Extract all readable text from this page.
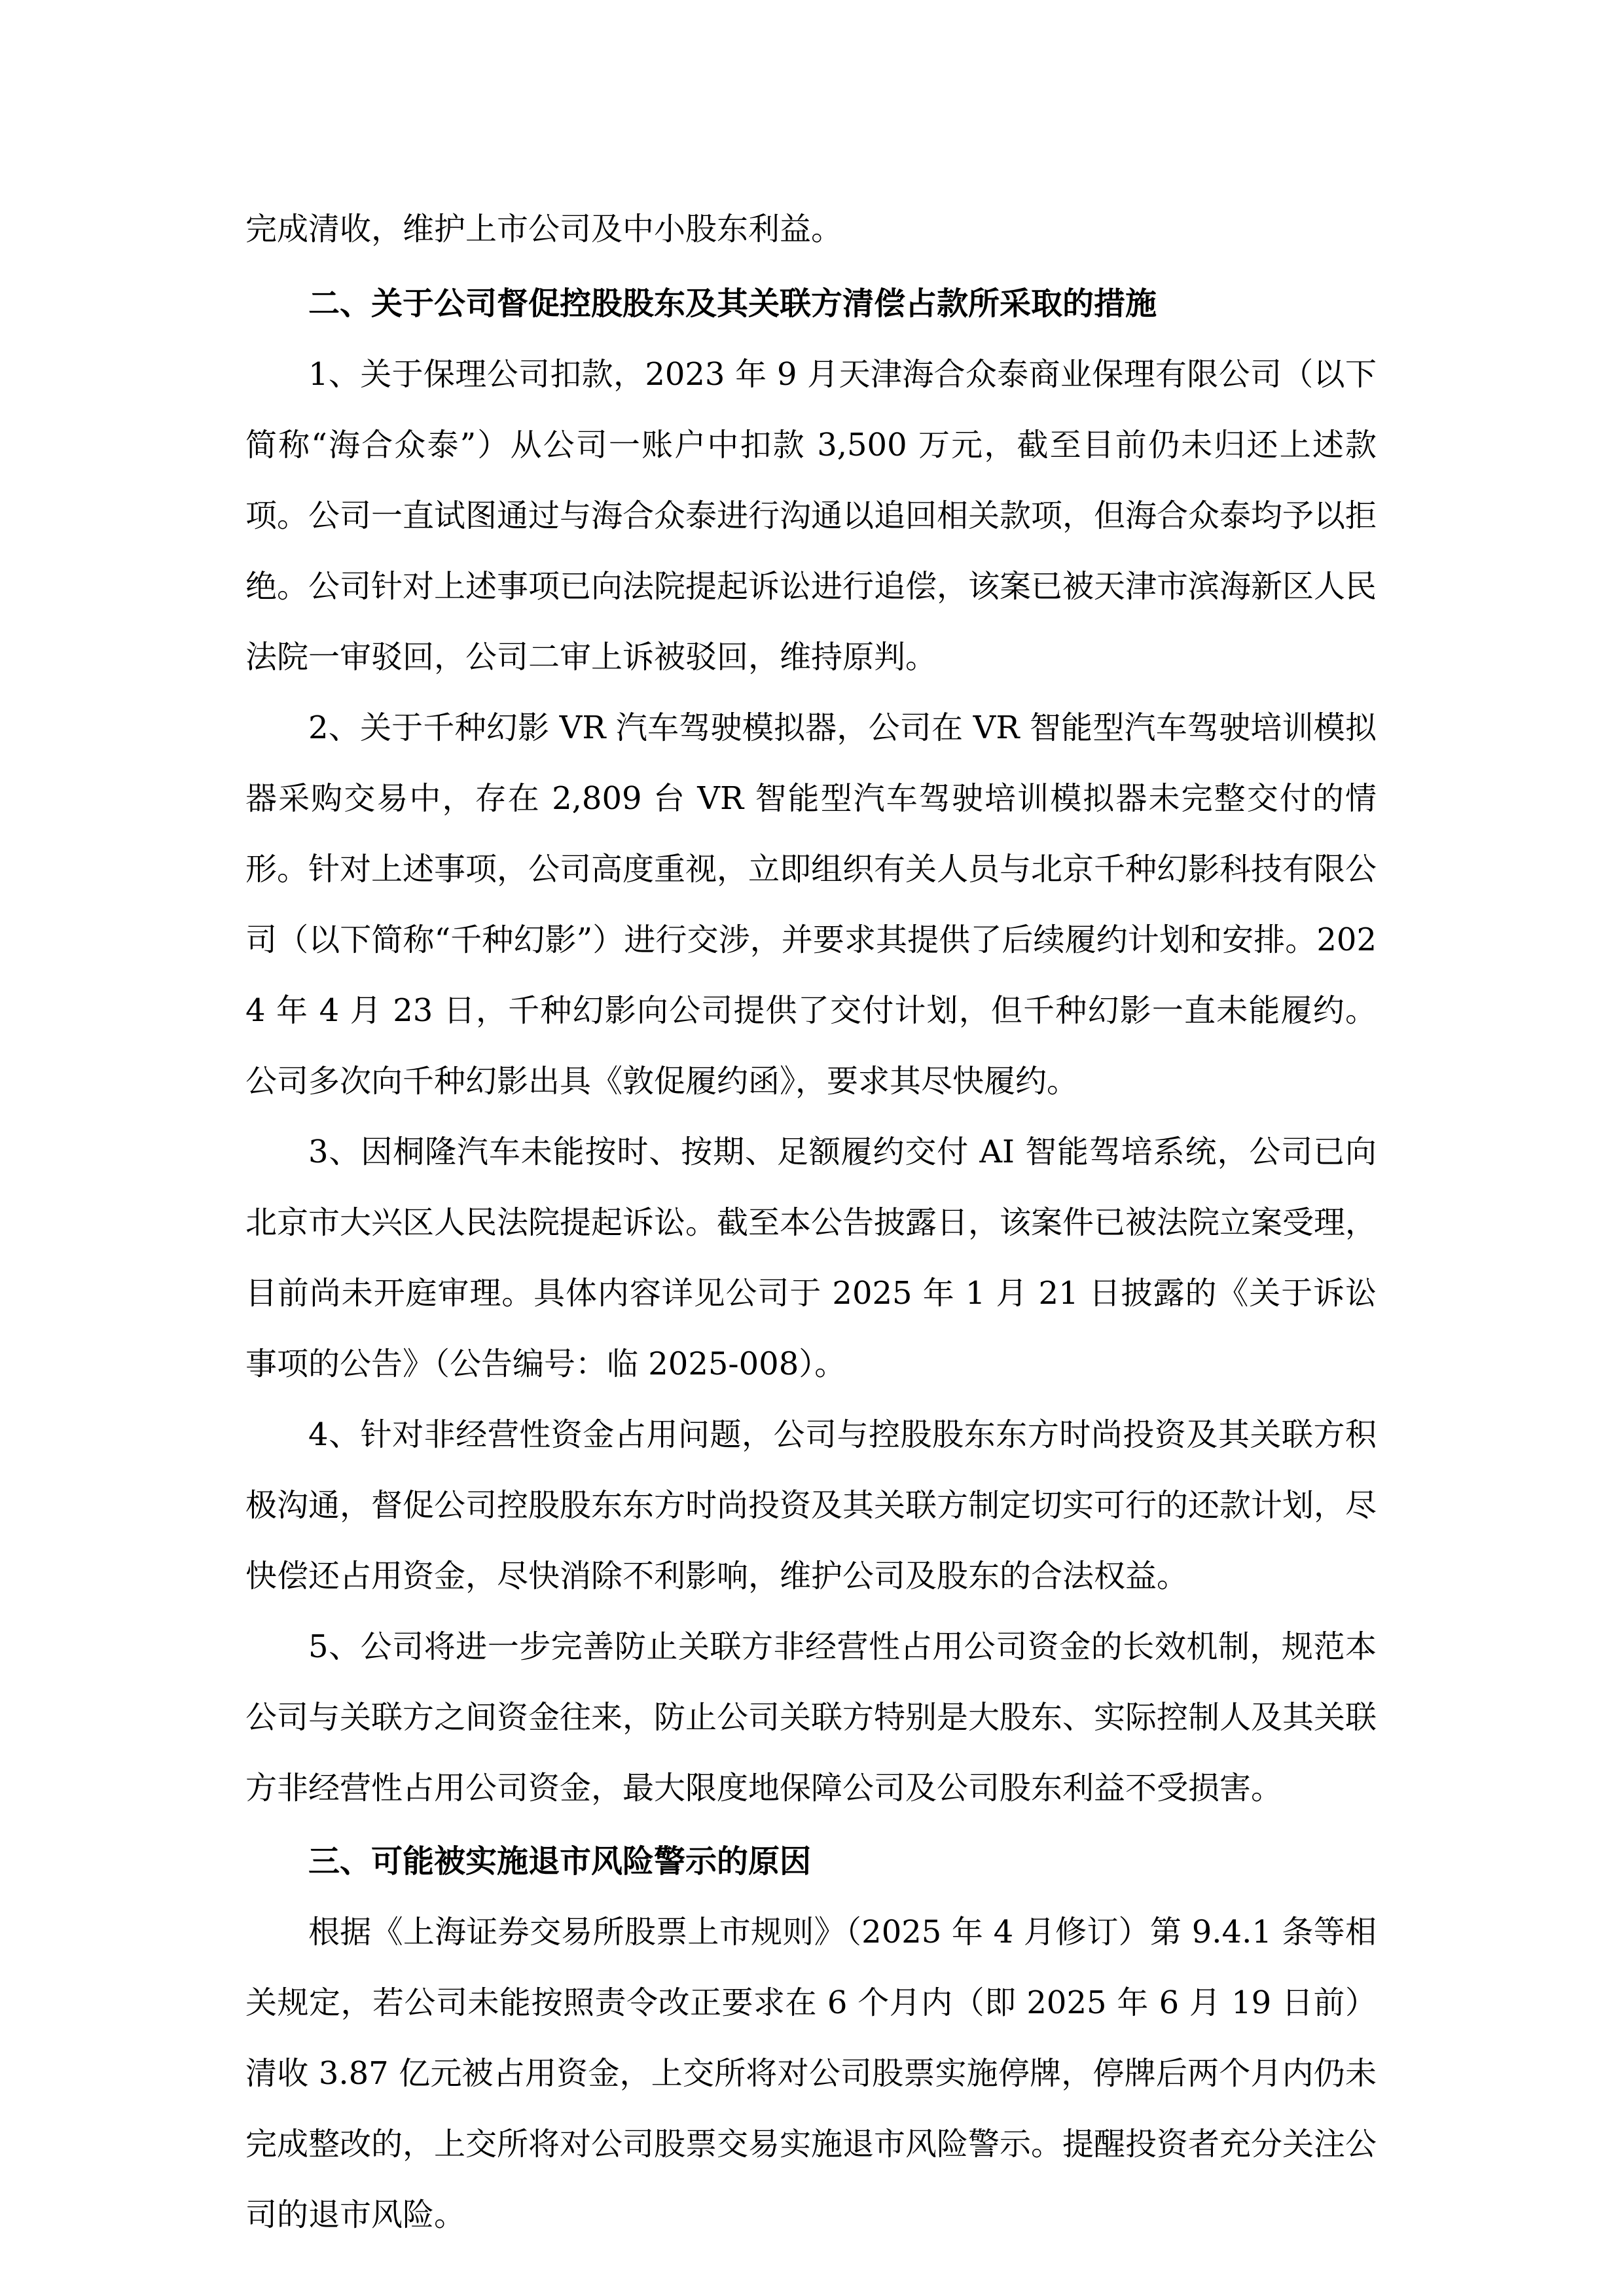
完成清收，维护上市公司及中小股东利益。

二、关于公司督促控股股东及其关联方清偿占款所采取的措施

1、关于保理公司扣款，2023 年 9 月天津海合众泰商业保理有限公司（以下简称“海合众泰”）从公司一账户中扣款 3,500 万元，截至目前仍未归还上述款项。公司一直试图通过与海合众泰进行沟通以追回相关款项，但海合众泰均予以拒绝。公司针对上述事项已向法院提起诉讼进行追偿，该案已被天津市滨海新区人民法院一审驳回，公司二审上诉被驳回，维持原判。

2、关于千种幻影 VR 汽车驾驶模拟器，公司在 VR 智能型汽车驾驶培训模拟器采购交易中，存在 2,809 台 VR 智能型汽车驾驶培训模拟器未完整交付的情形。针对上述事项，公司高度重视，立即组织有关人员与北京千种幻影科技有限公司（以下简称“千种幻影”）进行交涉，并要求其提供了后续履约计划和安排。2024 年 4 月 23 日，千种幻影向公司提供了交付计划，但千种幻影一直未能履约。公司多次向千种幻影出具《敦促履约函》，要求其尽快履约。

3、因桐隆汽车未能按时、按期、足额履约交付 AI 智能驾培系统，公司已向北京市大兴区人民法院提起诉讼。截至本公告披露日，该案件已被法院立案受理，目前尚未开庭审理。具体内容详见公司于 2025 年 1 月 21 日披露的《关于诉讼事项的公告》（公告编号：临 2025-008）。

4、针对非经营性资金占用问题，公司与控股股东东方时尚投资及其关联方积极沟通，督促公司控股股东东方时尚投资及其关联方制定切实可行的还款计划，尽快偿还占用资金，尽快消除不利影响，维护公司及股东的合法权益。

5、公司将进一步完善防止关联方非经营性占用公司资金的长效机制，规范本公司与关联方之间资金往来，防止公司关联方特别是大股东、实际控制人及其关联方非经营性占用公司资金，最大限度地保障公司及公司股东利益不受损害。

三、可能被实施退市风险警示的原因

根据《上海证券交易所股票上市规则》（2025 年 4 月修订）第 9.4.1 条等相关规定，若公司未能按照责令改正要求在 6 个月内（即 2025 年 6 月 19 日前）清收 3.87 亿元被占用资金，上交所将对公司股票实施停牌，停牌后两个月内仍未完成整改的，上交所将对公司股票交易实施退市风险警示。提醒投资者充分关注公司的退市风险。
